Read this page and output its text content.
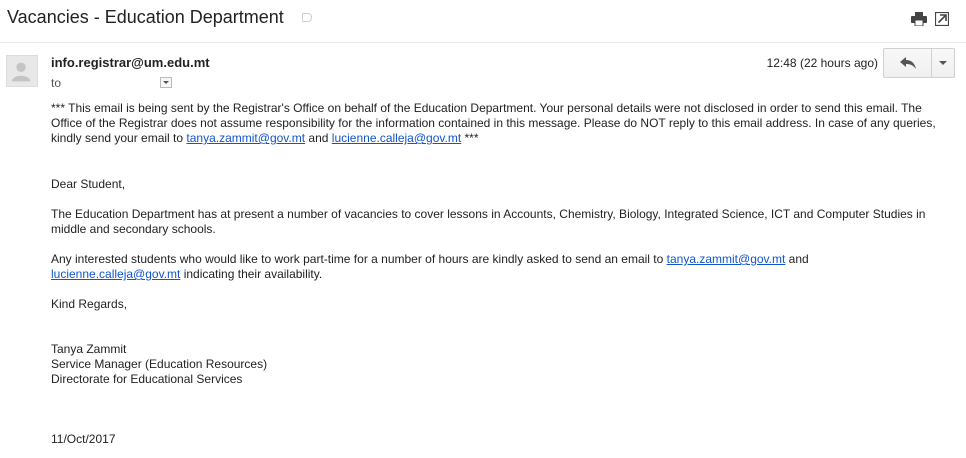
Vacancies - Education Department
info.registrar@um.edu.mt
to
12:48 (22 hours ago)

*** This email is being sent by the Registrar's Office on behalf of the Education Department. Your personal details were not disclosed in order to send this email. The Office of the Registrar does not assume responsibility for the information contained in this message. Please do NOT reply to this email address. In case of any queries, kindly send your email to tanya.zammit@gov.mt and lucienne.calleja@gov.mt ***

Dear Student,

The Education Department has at present a number of vacancies to cover lessons in Accounts, Chemistry, Biology, Integrated Science, ICT and Computer Studies in middle and secondary schools.

Any interested students who would like to work part-time for a number of hours are kindly asked to send an email to tanya.zammit@gov.mt and lucienne.calleja@gov.mt indicating their availability.

Kind Regards,

Tanya Zammit
Service Manager (Education Resources)
Directorate for Educational Services
11/Oct/2017
